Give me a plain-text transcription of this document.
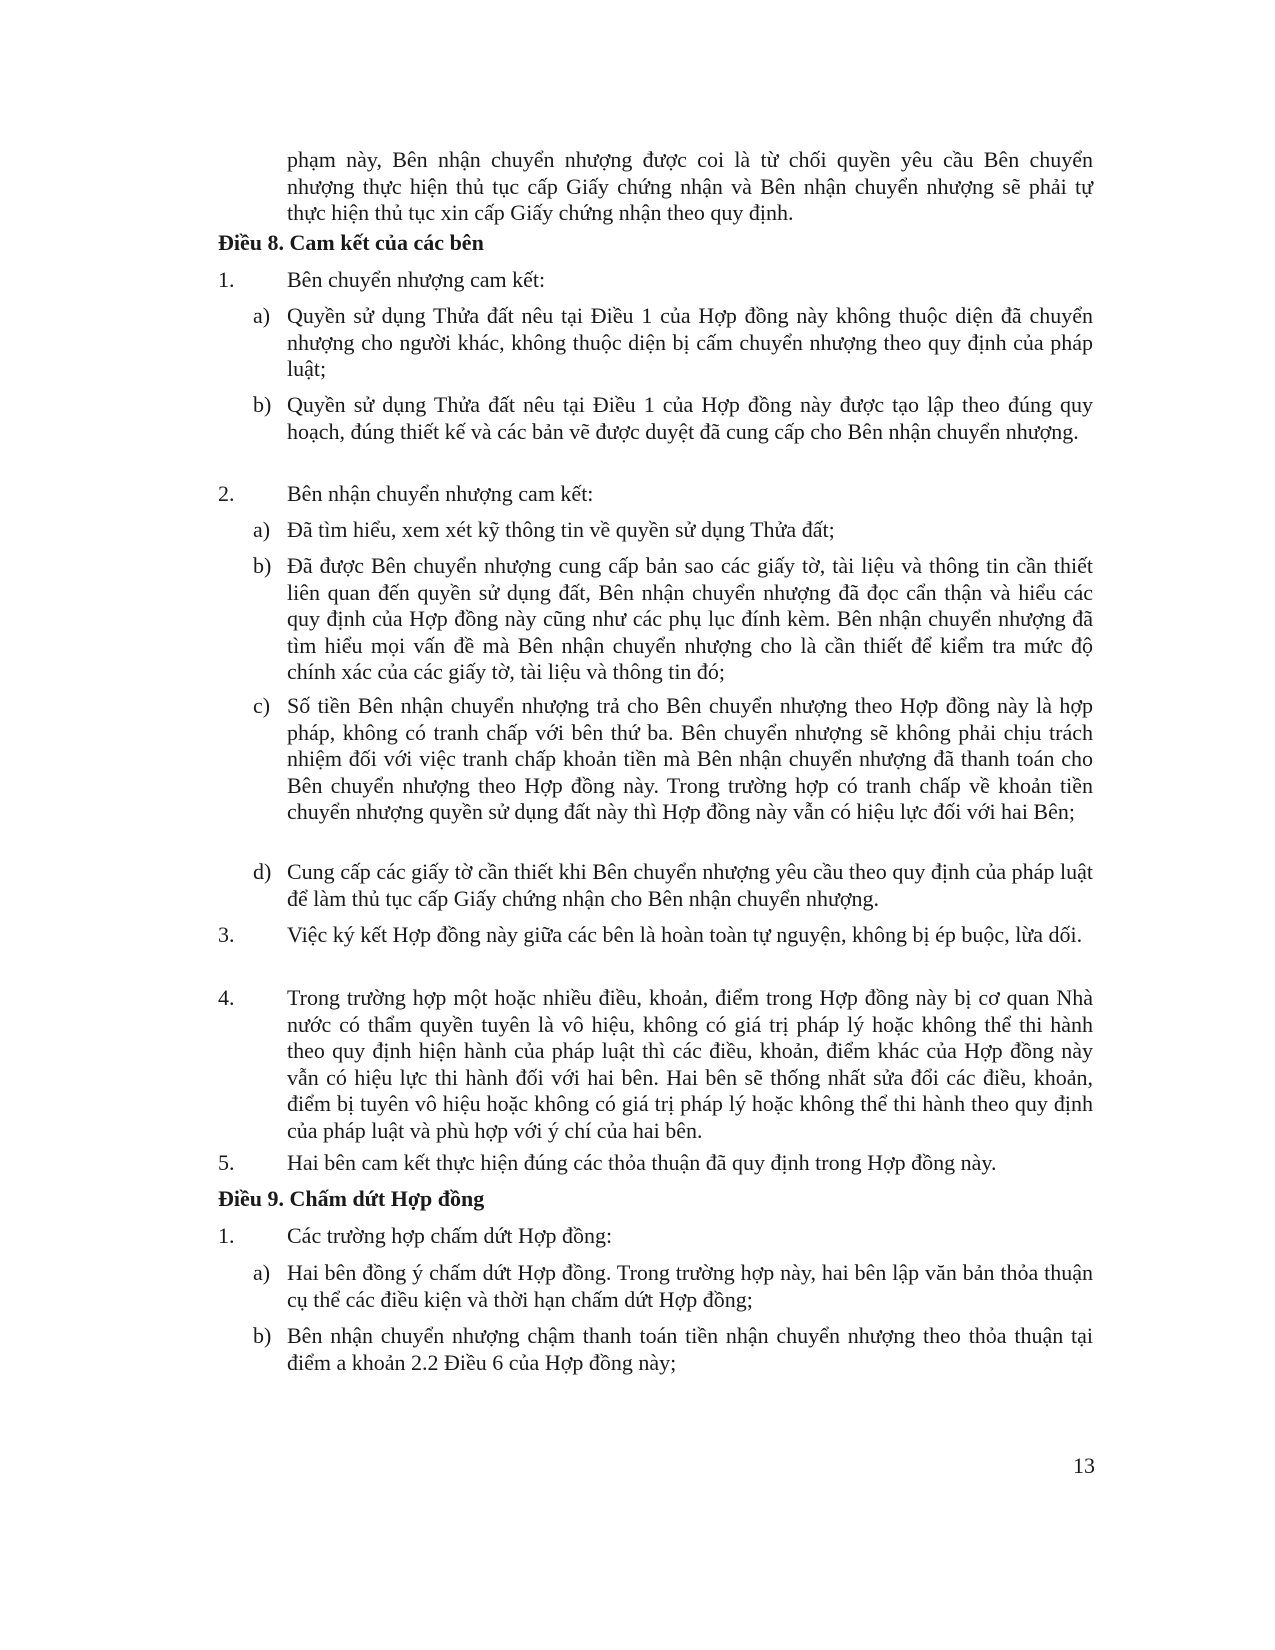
phạm này, Bên nhận chuyển nhượng được coi là từ chối quyền yêu cầu Bên chuyển nhượng thực hiện thủ tục cấp Giấy chứng nhận và Bên nhận chuyển nhượng sẽ phải tự thực hiện thủ tục xin cấp Giấy chứng nhận theo quy định.
Điều 8. Cam kết của các bên
1.	Bên chuyển nhượng cam kết:
a) Quyền sử dụng Thửa đất nêu tại Điều 1 của Hợp đồng này không thuộc diện đã chuyển nhượng cho người khác, không thuộc diện bị cấm chuyển nhượng theo quy định của pháp luật;
b) Quyền sử dụng Thửa đất nêu tại Điều 1 của Hợp đồng này được tạo lập theo đúng quy hoạch, đúng thiết kế và các bản vẽ được duyệt đã cung cấp cho Bên nhận chuyển nhượng.
2.	Bên nhận chuyển nhượng cam kết:
a) Đã tìm hiểu, xem xét kỹ thông tin về quyền sử dụng Thửa đất;
b) Đã được Bên chuyển nhượng cung cấp bản sao các giấy tờ, tài liệu và thông tin cần thiết liên quan đến quyền sử dụng đất, Bên nhận chuyển nhượng đã đọc cẩn thận và hiểu các quy định của Hợp đồng này cũng như các phụ lục đính kèm. Bên nhận chuyển nhượng đã tìm hiểu mọi vấn đề mà Bên nhận chuyển nhượng cho là cần thiết để kiểm tra mức độ chính xác của các giấy tờ, tài liệu và thông tin đó;
c) Số tiền Bên nhận chuyển nhượng trả cho Bên chuyển nhượng theo Hợp đồng này là hợp pháp, không có tranh chấp với bên thứ ba. Bên chuyển nhượng sẽ không phải chịu trách nhiệm đối với việc tranh chấp khoản tiền mà Bên nhận chuyển nhượng đã thanh toán cho Bên chuyển nhượng theo Hợp đồng này. Trong trường hợp có tranh chấp về khoản tiền chuyển nhượng quyền sử dụng đất này thì Hợp đồng này vẫn có hiệu lực đối với hai Bên;
d) Cung cấp các giấy tờ cần thiết khi Bên chuyển nhượng yêu cầu theo quy định của pháp luật để làm thủ tục cấp Giấy chứng nhận cho Bên nhận chuyển nhượng.
3.	Việc ký kết Hợp đồng này giữa các bên là hoàn toàn tự nguyện, không bị ép buộc, lừa dối.
4.	Trong trường hợp một hoặc nhiều điều, khoản, điểm trong Hợp đồng này bị cơ quan Nhà nước có thẩm quyền tuyên là vô hiệu, không có giá trị pháp lý hoặc không thể thi hành theo quy định hiện hành của pháp luật thì các điều, khoản, điểm khác của Hợp đồng này vẫn có hiệu lực thi hành đối với hai bên. Hai bên sẽ thống nhất sửa đổi các điều, khoản, điểm bị tuyên vô hiệu hoặc không có giá trị pháp lý hoặc không thể thi hành theo quy định của pháp luật và phù hợp với ý chí của hai bên.
5.	Hai bên cam kết thực hiện đúng các thỏa thuận đã quy định trong Hợp đồng này.
Điều 9. Chấm dứt Hợp đồng
1.	Các trường hợp chấm dứt Hợp đồng:
a) Hai bên đồng ý chấm dứt Hợp đồng. Trong trường hợp này, hai bên lập văn bản thỏa thuận cụ thể các điều kiện và thời hạn chấm dứt Hợp đồng;
b) Bên nhận chuyển nhượng chậm thanh toán tiền nhận chuyển nhượng theo thỏa thuận tại điểm a khoản 2.2 Điều 6 của Hợp đồng này;
13
